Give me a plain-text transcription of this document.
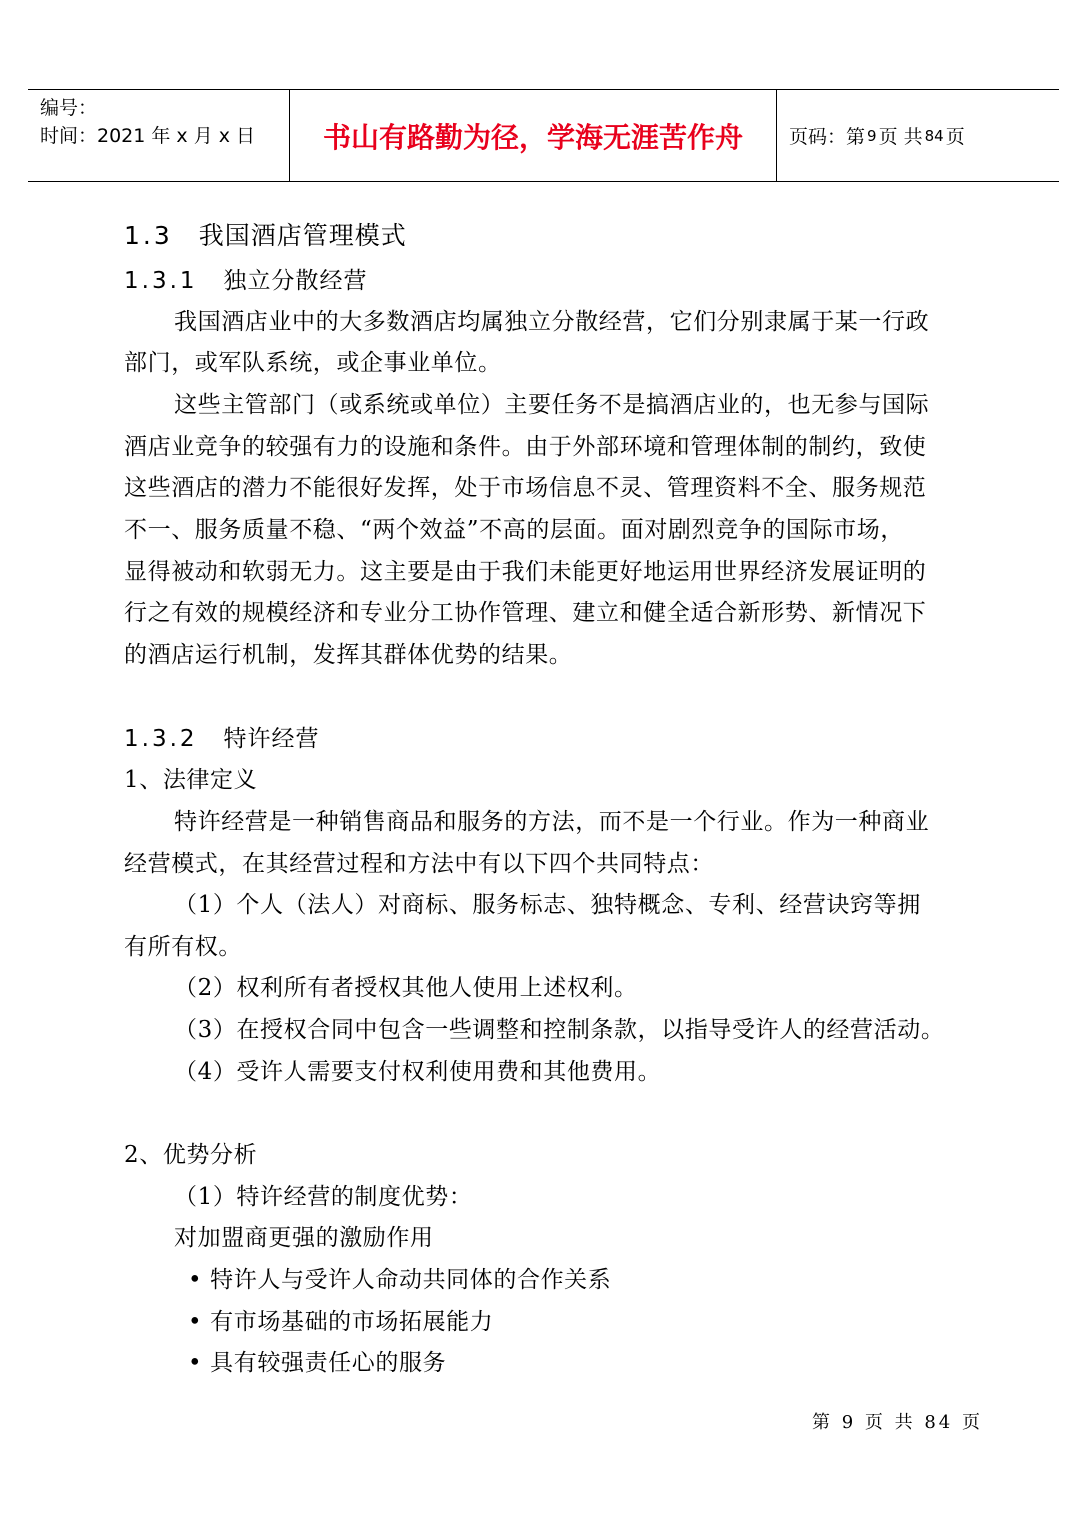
编号：
时间：2021 年 x 月 x 日	书山有路勤为径，学海无涯苦作舟 页码：第 9 页 共 84 页
1.3 我国酒店管理模式
1.3.1 独立分散经营
我国酒店业中的大多数酒店均属独立分散经营，它们分别隶属于某一行政
部门，或军队系统，或企事业单位。
这些主管部门（或系统或单位）主要任务不是搞酒店业的，也无参与国际
酒店业竞争的较强有力的设施和条件。由于外部环境和管理体制的制约，致使
这些酒店的潜力不能很好发挥，处于市场信息不灵、管理资料不全、服务规范
不一、服务质量不稳、“两个效益”不高的层面。面对剧烈竞争的国际市场，
显得被动和软弱无力。这主要是由于我们未能更好地运用世界经济发展证明的
行之有效的规模经济和专业分工协作管理、建立和健全适合新形势、新情况下
的酒店运行机制，发挥其群体优势的结果。
1.3.2 特许经营
1、法律定义
特许经营是一种销售商品和服务的方法，而不是一个行业。作为一种商业
经营模式，在其经营过程和方法中有以下四个共同特点：
（1）个人（法人）对商标、服务标志、独特概念、专利、经营诀窍等拥
有所有权。
（2）权利所有者授权其他人使用上述权利。
（3）在授权合同中包含一些调整和控制条款，以指导受许人的经营活动。
（4）受许人需要支付权利使用费和其他费用。
2、优势分析
（1）特许经营的制度优势：
对加盟商更强的激励作用
• 特许人与受许人命动共同体的合作关系
• 有市场基础的市场拓展能力
• 具有较强责任心的服务
第 9 页 共 84 页
